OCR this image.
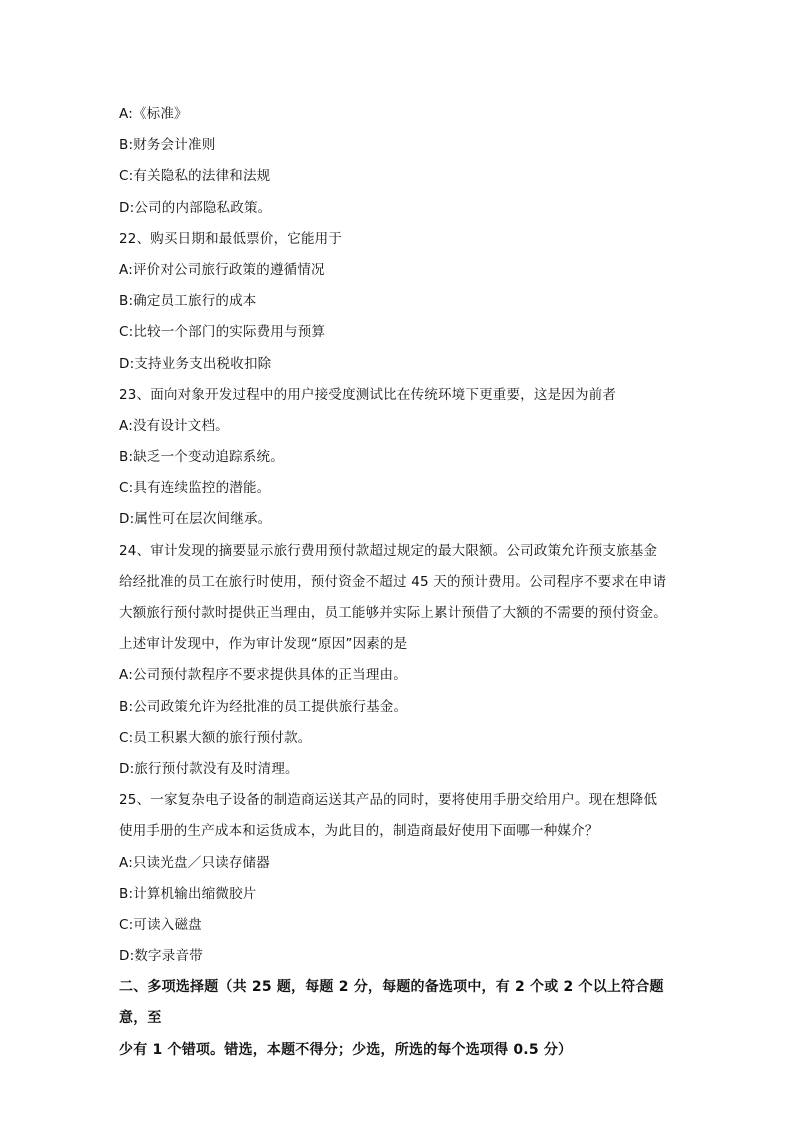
A:《标准》
B:财务会计准则
C:有关隐私的法律和法规
D:公司的内部隐私政策。
22、购买日期和最低票价，它能用于
A:评价对公司旅行政策的遵循情况
B:确定员工旅行的成本
C:比较一个部门的实际费用与预算
D:支持业务支出税收扣除
23、面向对象开发过程中的用户接受度测试比在传统环境下更重要，这是因为前者
A:没有设计文档。
B:缺乏一个变动追踪系统。
C:具有连续监控的潜能。
D:属性可在层次间继承。
24、审计发现的摘要显示旅行费用预付款超过规定的最大限额。公司政策允许预支旅基金
给经批准的员工在旅行时使用，预付资金不超过 45 天的预计费用。公司程序不要求在申请
大额旅行预付款时提供正当理由，员工能够并实际上累计预借了大额的不需要的预付资金。
上述审计发现中，作为审计发现“原因”因素的是
A:公司预付款程序不要求提供具体的正当理由。
B:公司政策允许为经批准的员工提供旅行基金。
C:员工积累大额的旅行预付款。
D:旅行预付款没有及时清理。
25、一家复杂电子设备的制造商运送其产品的同时，要将使用手册交给用户。现在想降低
使用手册的生产成本和运货成本，为此目的，制造商最好使用下面哪一种媒介？
A:只读光盘／只读存储器
B:计算机输出缩微胶片
C:可读入磁盘
D:数字录音带
二、多项选择题（共 25 题，每题 2 分，每题的备选项中，有 2 个或 2 个以上符合题意，至
少有 1 个错项。错选，本题不得分；少选，所选的每个选项得 0.5 分）
